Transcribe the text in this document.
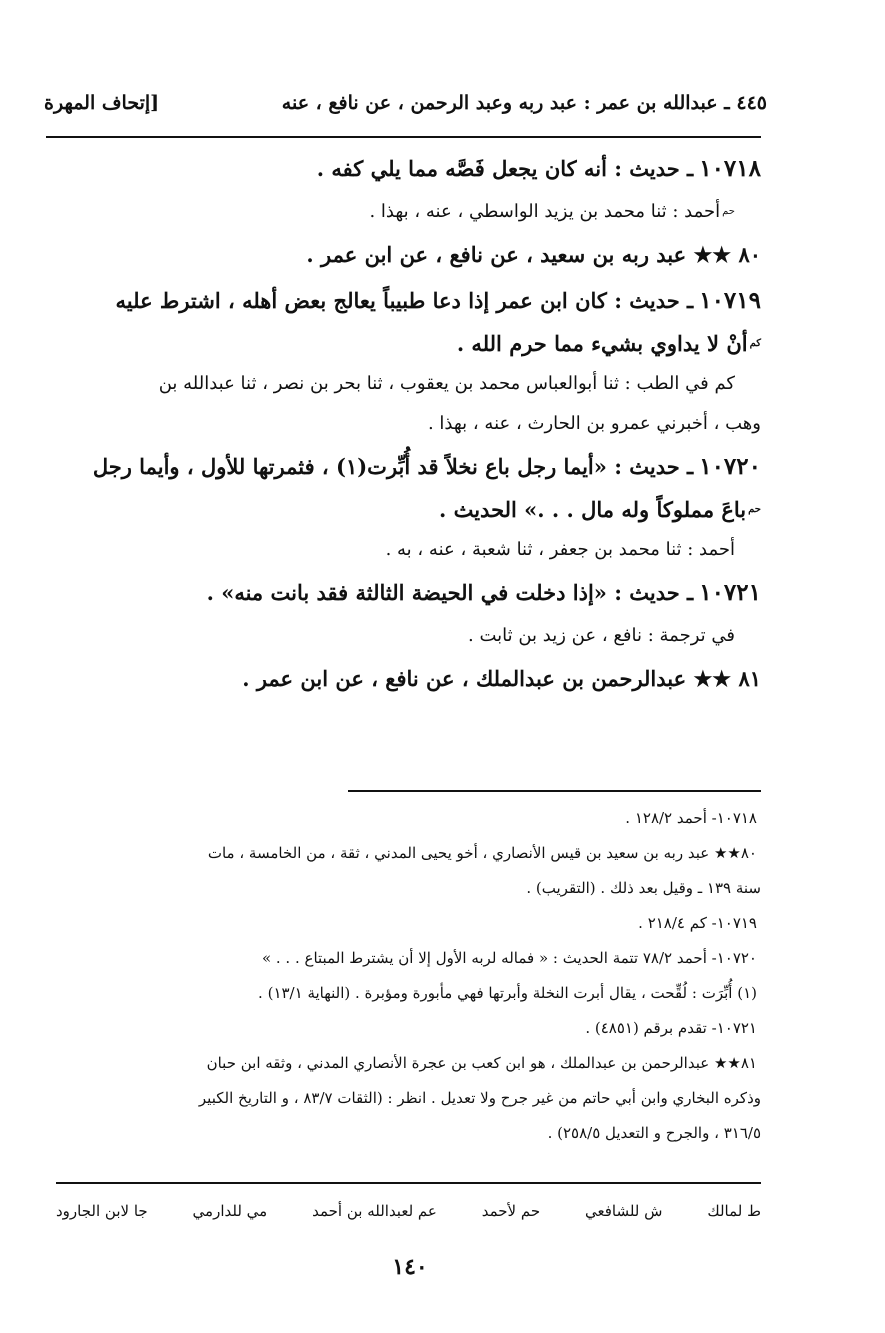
٤٤٥ ـ عبدالله بن عمر : عبد ربه وعبد الرحمن ، عن نافع ، عنه
[إتحاف المهرة
١٠٧١٨
ـ حديث : أنه كان يجعل فَصَّه مما يلي كفه .
حم
أحمد : ثنا محمد بن يزيد الواسطي ، عنه ، بهذا .
٨٠ ★★ عبد ربه بن سعيد ، عن نافع ، عن ابن عمر .
١٠٧١٩
ـ حديث : كان ابن عمر إذا دعا طبيباً يعالج بعض أهله ، اشترط عليه
كم
أنْ لا يداوي بشيء مما حرم الله .
كم في الطب : ثنا أبوالعباس محمد بن يعقوب ، ثنا بحر بن نصر ، ثنا عبدالله بن
وهب ، أخبرني عمرو بن الحارث ، عنه ، بهذا .
١٠٧٢٠
ـ حديث : «أيما رجل باع نخلاً قد أُبِّرت(١) ، فثمرتها للأول ، وأيما رجل
حم
باعَ مملوكاً وله مال . . .» الحديث .
أحمد : ثنا محمد بن جعفر ، ثنا شعبة ، عنه ، به .
١٠٧٢١
ـ حديث : «إذا دخلت في الحيضة الثالثة فقد بانت منه» .
في ترجمة : نافع ، عن زيد بن ثابت .
٨١ ★★ عبدالرحمن بن عبدالملك ، عن نافع ، عن ابن عمر .
١٠٧١٨- أحمد ١٢٨/٢ .
٨٠★★ عبد ربه بن سعيد بن قيس الأنصاري ، أخو يحيى المدني ، ثقة ، من الخامسة ، مات
سنة ١٣٩ ـ وقيل بعد ذلك . (التقريب) .
١٠٧١٩- كم ٢١٨/٤ .
١٠٧٢٠- أحمد ٧٨/٢ تتمة الحديث : « فماله لربه الأول إلا أن يشترط المبتاع . . . »
(١) أُبِّرَت : لُقِّحت ، يقال أبرت النخلة وأبرتها فهي مأبورة ومؤبرة . (النهاية ١٣/١) .
١٠٧٢١- تقدم برقم (٤٨٥١) .
٨١★★ عبدالرحمن بن عبدالملك ، هو ابن كعب بن عجرة الأنصاري المدني ، وثقه ابن حبان
وذكره البخاري وابن أبي حاتم من غير جرح ولا تعديل . انظر : (الثقات ٨٣/٧ ، و التاريخ الكبير
٣١٦/٥ ، والجرح و التعديل ٢٥٨/٥) .
ط لمالك
ش للشافعي
حم لأحمد
عم لعبدالله بن أحمد
مي للدارمي
جا لابن الجارود
١٤٠
